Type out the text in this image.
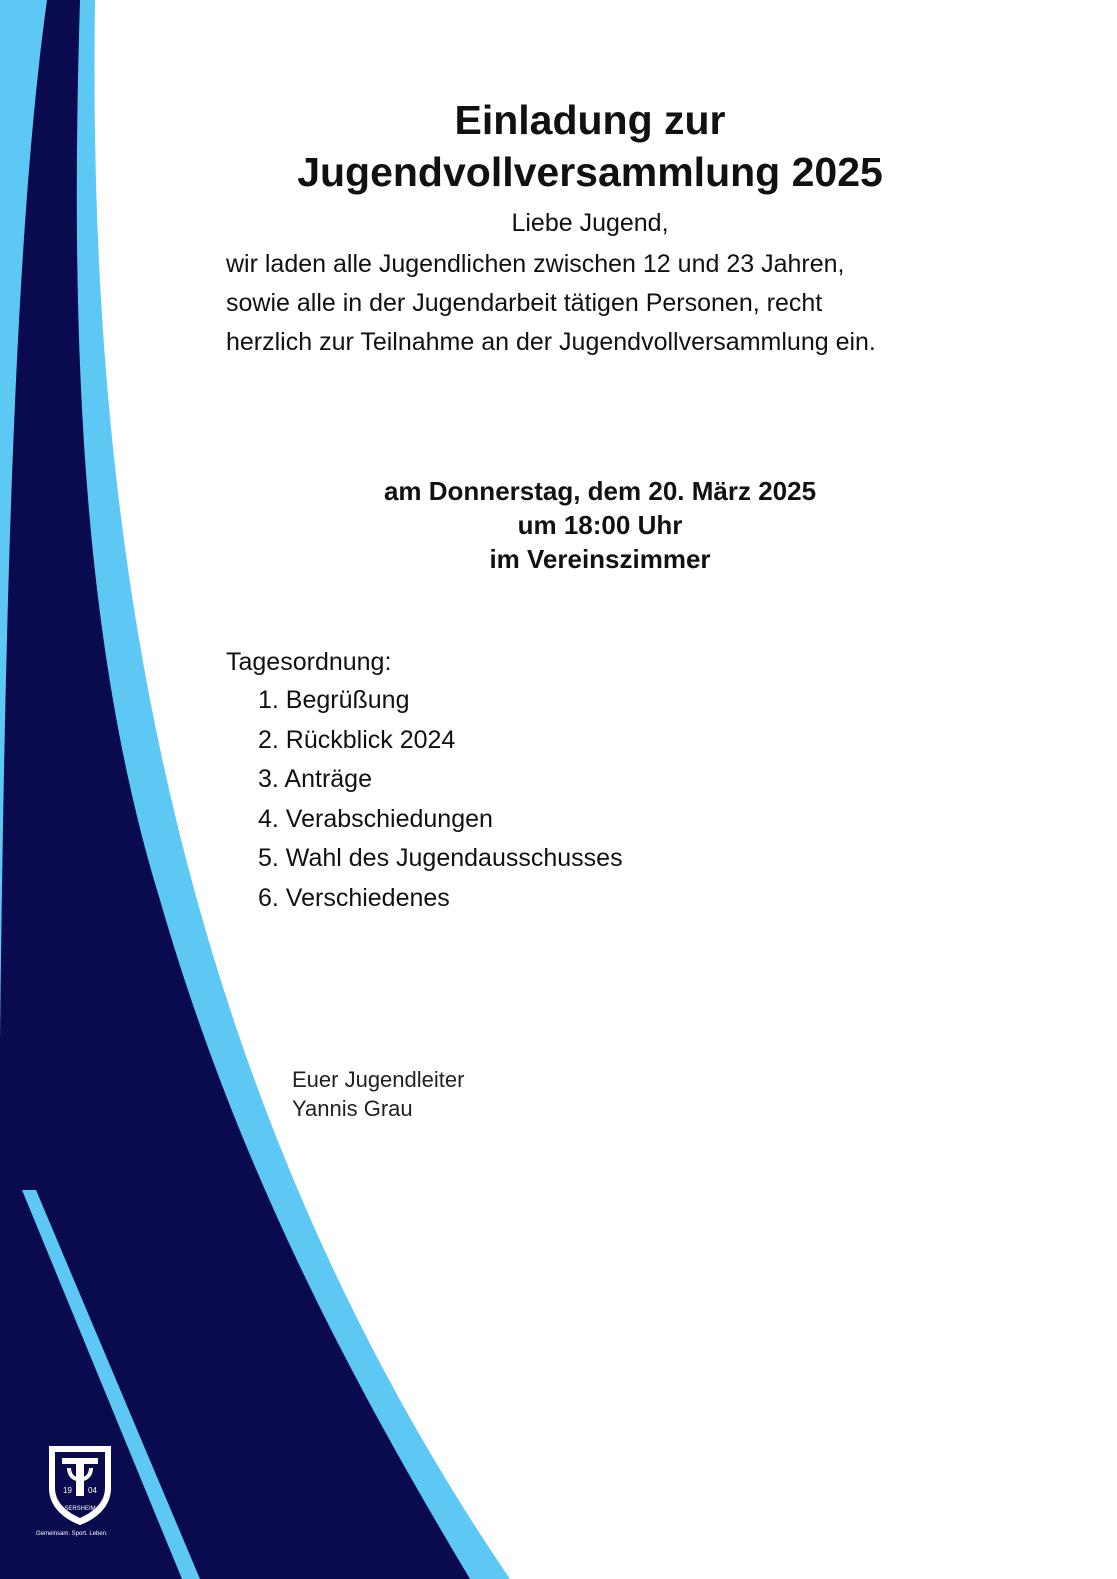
Einladung zur
Jugendvollversammlung 2025

Liebe Jugend,

wir laden alle Jugendlichen zwischen 12 und 23 Jahren,
sowie alle in der Jugendarbeit tätigen Personen, recht
herzlich zur Teilnahme an der Jugendvollversammlung ein.

am Donnerstag, dem 20. März 2025
um 18:00 Uhr
im Vereinszimmer

Tagesordnung:

1. Begrüßung
2. Rückblick 2024
3. Anträge
4. Verabschiedungen
5. Wahl des Jugendausschusses
6. Verschiedenes
Euer Jugendleiter
Yannis Grau
19 04
SERSHEIM
Gemeinsam. Sport. Leben.
